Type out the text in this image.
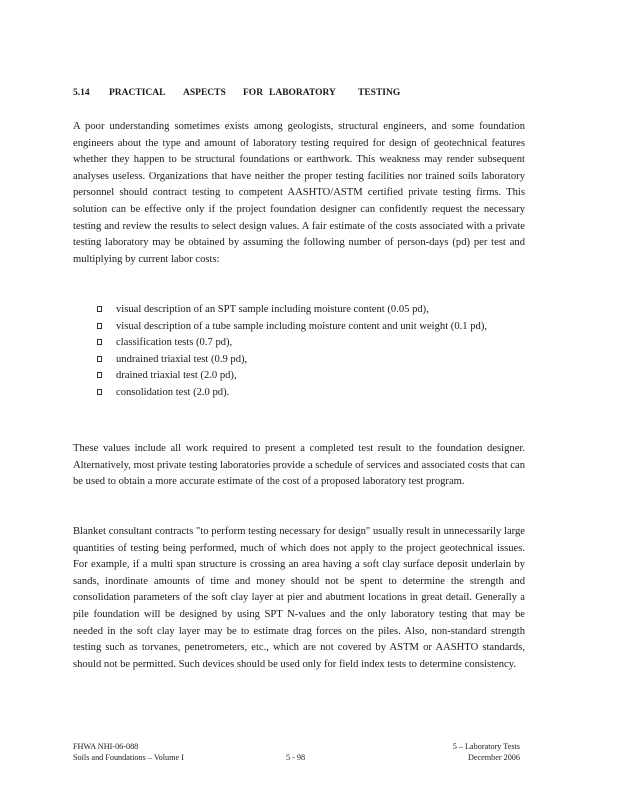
5.14 PRACTICAL ASPECTS FOR LABORATORY TESTING

A poor understanding sometimes exists among geologists, structural engineers, and some foundation engineers about the type and amount of laboratory testing required for design of geotechnical features whether they happen to be structural foundations or earthwork. This weakness may render subsequent analyses useless. Organizations that have neither the proper testing facilities nor trained soils laboratory personnel should contract testing to competent AASHTO/ASTM certified private testing firms. This solution can be effective only if the project foundation designer can confidently request the necessary testing and review the results to select design values. A fair estimate of the costs associated with a private testing laboratory may be obtained by assuming the following number of person-days (pd) per test and multiplying by current labor costs:

visual description of an SPT sample including moisture content (0.05 pd),
visual description of a tube sample including moisture content and unit weight (0.1 pd),
classification tests (0.7 pd),
undrained triaxial test (0.9 pd),
drained triaxial test (2.0 pd),
consolidation test (2.0 pd).

These values include all work required to present a completed test result to the foundation designer. Alternatively, most private testing laboratories provide a schedule of services and associated costs that can be used to obtain a more accurate estimate of the cost of a proposed laboratory test program.

Blanket consultant contracts "to perform testing necessary for design" usually result in unnecessarily large quantities of testing being performed, much of which does not apply to the project geotechnical issues. For example, if a multi span structure is crossing an area having a soft clay surface deposit underlain by sands, inordinate amounts of time and money should not be spent to determine the strength and consolidation parameters of the soft clay layer at pier and abutment locations in great detail. Generally a pile foundation will be designed by using SPT N-values and the only laboratory testing that may be needed in the soft clay layer may be to estimate drag forces on the piles. Also, non-standard strength testing such as torvanes, penetrometers, etc., which are not covered by ASTM or AASHTO standards, should not be permitted. Such devices should be used only for field index tests to determine consistency.

FHWA NHI-06-088
Soils and Foundations – Volume I	5 - 98
5 – Laboratory Tests
December 2006
